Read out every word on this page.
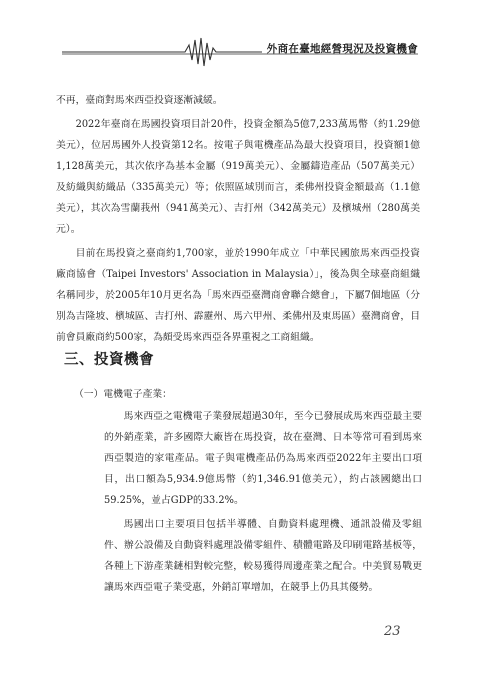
外商在臺地經營現況及投資機會

不再，臺商對馬來西亞投資逐漸減緩。

2022年臺商在馬國投資項目計20件，投資金額為5億7,233萬馬幣（約1.29億美元），位居馬國外人投資第12名。按電子與電機產品為最大投資項目，投資額1億1,128萬美元，其次依序為基本金屬（919萬美元）、金屬鑄造產品（507萬美元）及紡織與紡織品（335萬美元）等；依照區域別而言，柔佛州投資金額最高（1.1億美元），其次為雪蘭莪州（941萬美元）、吉打州（342萬美元）及檳城州（280萬美元）。

目前在馬投資之臺商約1,700家，並於1990年成立「中華民國旅馬來西亞投資廠商協會（Taipei Investors' Association in Malaysia）」，後為與全球臺商組織名稱同步，於2005年10月更名為「馬來西亞臺灣商會聯合總會」，下屬7個地區（分別為吉隆坡、檳城區、吉打州、霹靂州、馬六甲州、柔佛州及東馬區）臺灣商會，目前會員廠商約500家，為頗受馬來西亞各界重視之工商組織。

三、投資機會
（一）電機電子產業：

馬來西亞之電機電子業發展超過30年，至今已發展成馬來西亞最主要的外銷產業，許多國際大廠皆在馬投資，故在臺灣、日本等常可看到馬來西亞製造的家電產品。電子與電機產品仍為馬來西亞2022年主要出口項目，出口額為5,934.9億馬幣（約1,346.91億美元），約占該國總出口59.25%，並占GDP的33.2%。

馬國出口主要項目包括半導體、自動資料處理機、通訊設備及零組件、辦公設備及自動資料處理設備零組件、積體電路及印刷電路基板等，各種上下游產業鏈相對較完整，較易獲得周邊產業之配合。中美貿易戰更讓馬來西亞電子業受惠，外銷訂單增加，在競爭上仍具其優勢。

23
